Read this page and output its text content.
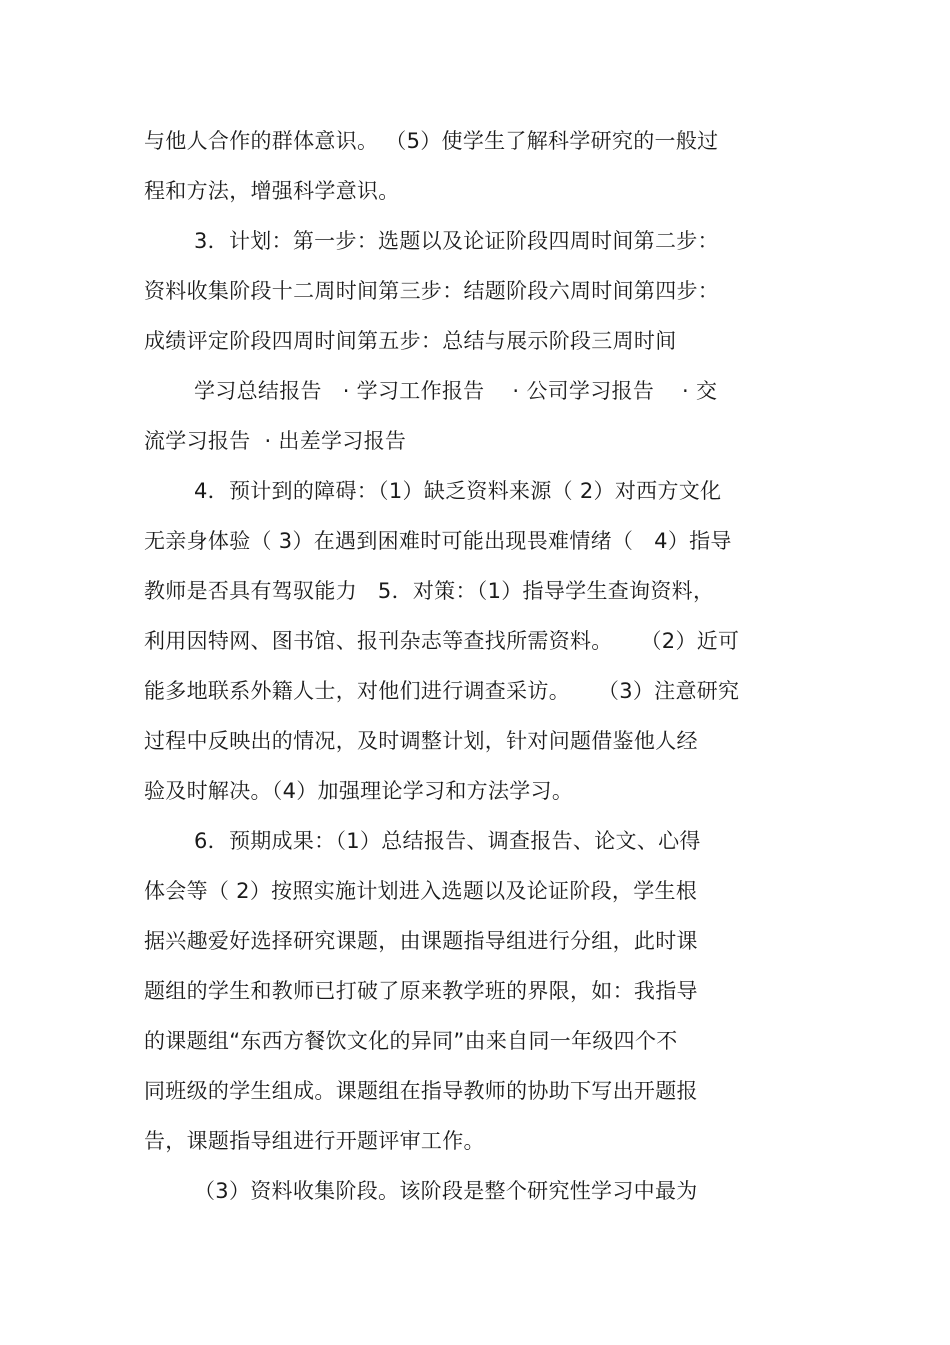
与他人合作的群体意识。 （5）使学生了解科学研究的一般过
程和方法，增强科学意识。
3．计划：第一步：选题以及论证阶段四周时间第二步：
资料收集阶段十二周时间第三步：结题阶段六周时间第四步：
成绩评定阶段四周时间第五步：总结与展示阶段三周时间
学习总结报告   · 学习工作报告    · 公司学习报告    · 交
流学习报告  · 出差学习报告
4．预计到的障碍：（1）缺乏资料来源（ 2）对西方文化
无亲身体验（ 3）在遇到困难时可能出现畏难情绪（   4）指导
教师是否具有驾驭能力   5．对策：（1）指导学生查询资料，
利用因特网、图书馆、报刊杂志等查找所需资料。    （2）近可
能多地联系外籍人士，对他们进行调查采访。    （3）注意研究
过程中反映出的情况，及时调整计划，针对问题借鉴他人经
验及时解决。（4）加强理论学习和方法学习。
6．预期成果：（1）总结报告、调查报告、论文、心得
体会等（ 2）按照实施计划进入选题以及论证阶段，学生根
据兴趣爱好选择研究课题，由课题指导组进行分组，此时课
题组的学生和教师已打破了原来教学班的界限，如：我指导
的课题组“东西方餐饮文化的异同”由来自同一年级四个不
同班级的学生组成。课题组在指导教师的协助下写出开题报
告，课题指导组进行开题评审工作。
（3）资料收集阶段。该阶段是整个研究性学习中最为
